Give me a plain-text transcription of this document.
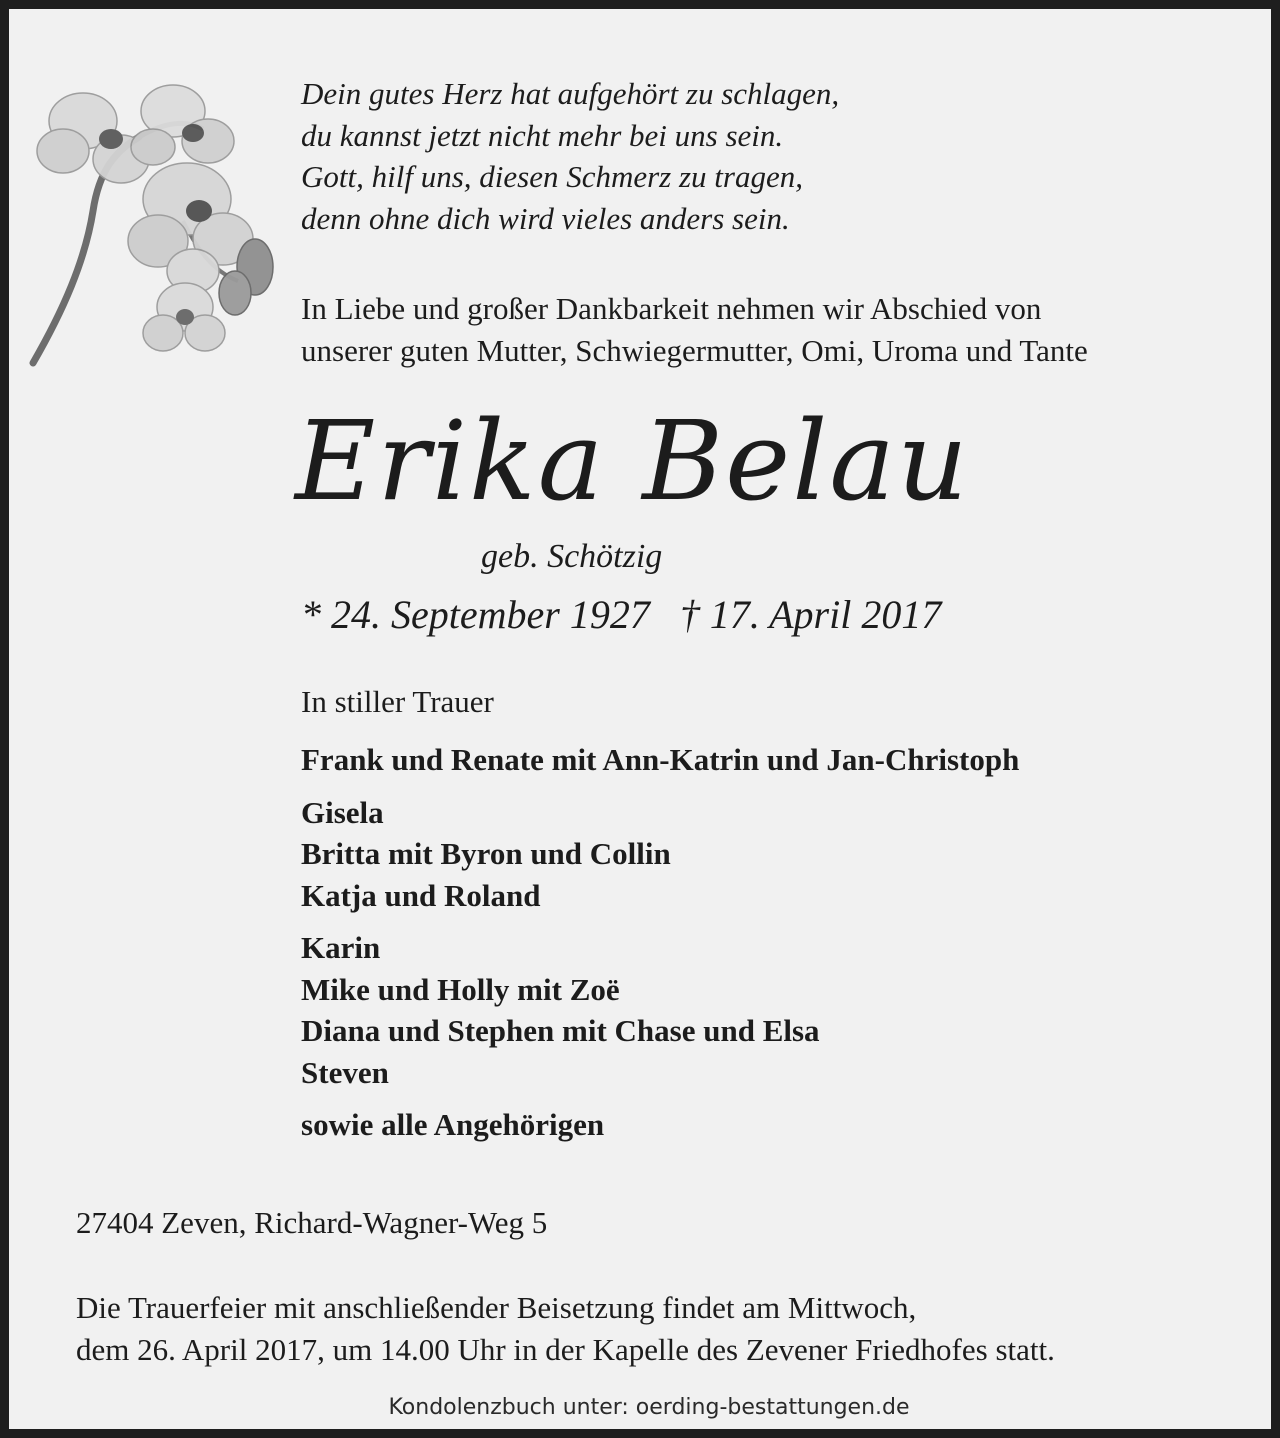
Dein gutes Herz hat aufgehört zu schlagen,
du kannst jetzt nicht mehr bei uns sein.
Gott, hilf uns, diesen Schmerz zu tragen,
denn ohne dich wird vieles anders sein.
In Liebe und großer Dankbarkeit nehmen wir Abschied von
unserer guten Mutter, Schwiegermutter, Omi, Uroma und Tante
Erika Belau
geb. Schötzig
* 24. September 1927 † 17. April 2017
In stiller Trauer
Frank und Renate mit Ann-Katrin und Jan-Christoph
Gisela
Britta mit Byron und Collin
Katja und Roland
Karin
Mike und Holly mit Zoë
Diana und Stephen mit Chase und Elsa
Steven
sowie alle Angehörigen
27404 Zeven, Richard-Wagner-Weg 5
Die Trauerfeier mit anschließender Beisetzung findet am Mittwoch,
dem 26. April 2017, um 14.00 Uhr in der Kapelle des Zevener Friedhofes statt.
Kondolenzbuch unter: oerding-bestattungen.de
